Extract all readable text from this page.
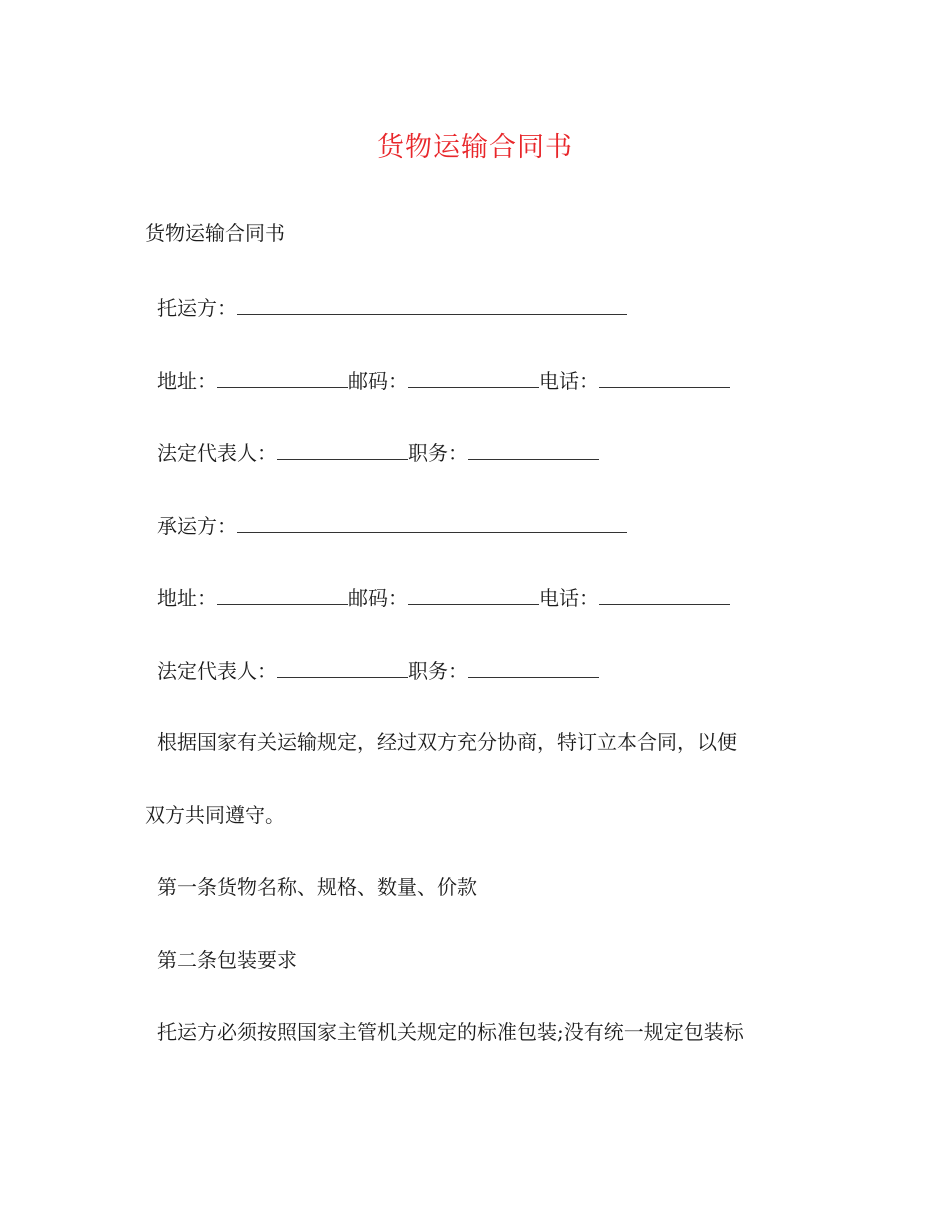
货物运输合同书
货物运输合同书
托运方：
地址：	邮码：	电话：
法定代表人：	职务：
承运方：
地址：	邮码：	电话：
法定代表人：	职务：
根据国家有关运输规定，经过双方充分协商，特订立本合同，以便
双方共同遵守。
第一条货物名称、规格、数量、价款
第二条包装要求
托运方必须按照国家主管机关规定的标准包装;没有统一规定包装标
